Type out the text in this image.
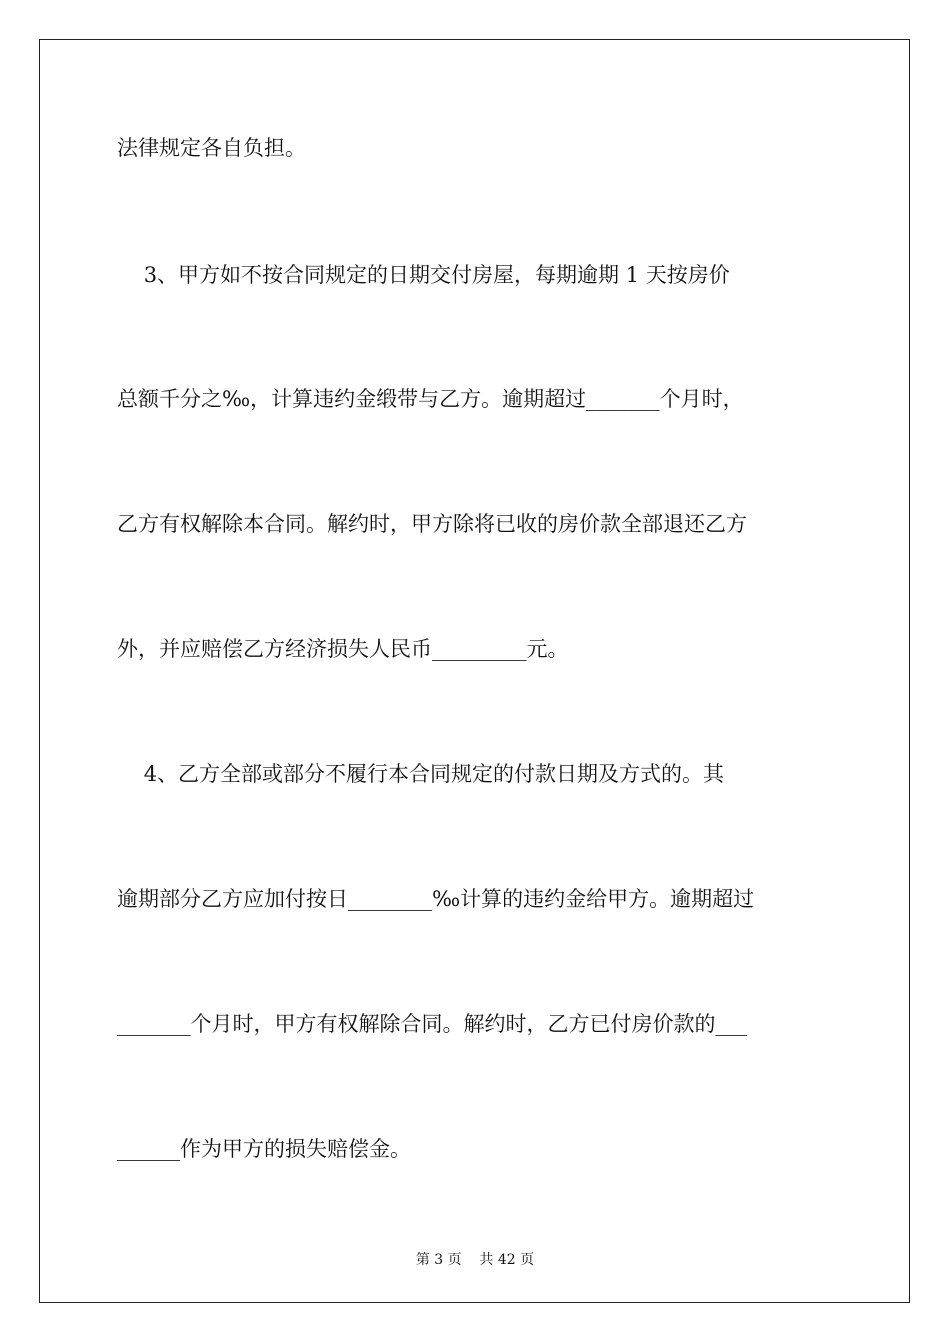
法律规定各自负担。
3、甲方如不按合同规定的日期交付房屋，每期逾期 1 天按房价
总额千分之‰，计算违约金缎带与乙方。逾期超过_______个月时，
乙方有权解除本合同。解约时，甲方除将已收的房价款全部退还乙方
外，并应赔偿乙方经济损失人民币_________元。
4、乙方全部或部分不履行本合同规定的付款日期及方式的。其
逾期部分乙方应加付按日________‰计算的违约金给甲方。逾期超过
_______个月时，甲方有权解除合同。解约时，乙方已付房价款的___
______作为甲方的损失赔偿金。
第 3 页    共 42 页
